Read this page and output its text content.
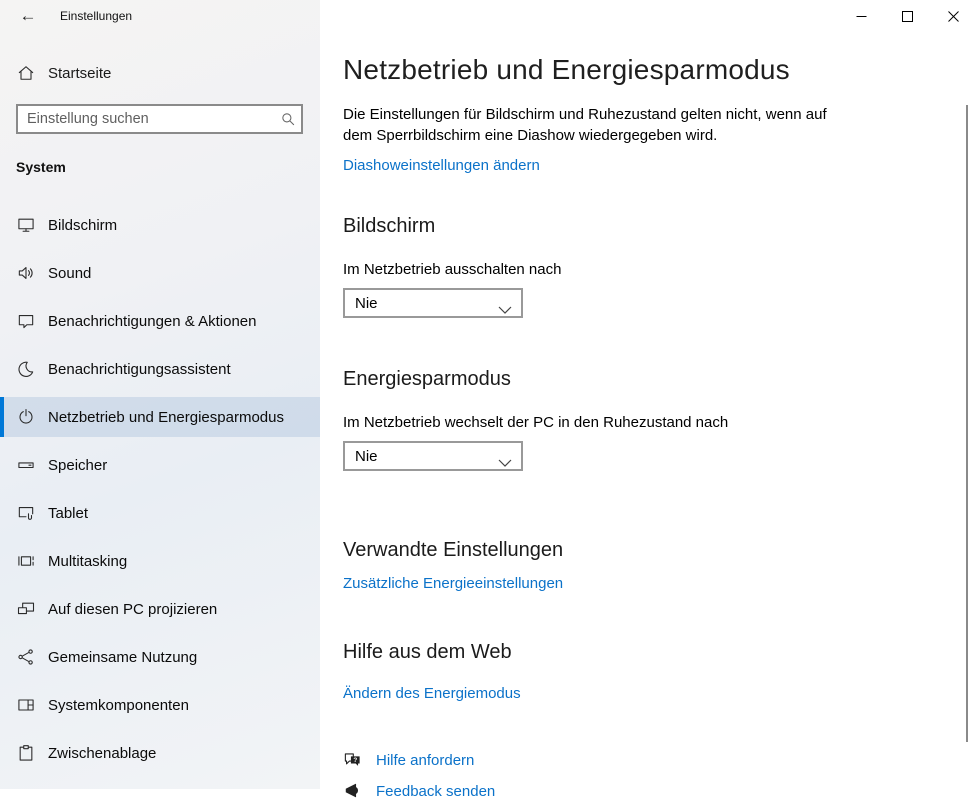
← Einstellungen
Startseite
Einstellung suchen
System
Bildschirm
Sound
Benachrichtigungen & Aktionen
Benachrichtigungsassistent
Netzbetrieb und Energiesparmodus
Speicher
Tablet
Multitasking
Auf diesen PC projizieren
Gemeinsame Nutzung
Systemkomponenten
Zwischenablage
Netzbetrieb und Energiesparmodus

Die Einstellungen für Bildschirm und Ruhezustand gelten nicht, wenn auf dem Sperrbildschirm eine Diashow wiedergegeben wird.

Diashoweinstellungen ändern
Bildschirm
Im Netzbetrieb ausschalten nach
Nie
Energiesparmodus
Im Netzbetrieb wechselt der PC in den Ruhezustand nach
Nie
Verwandte Einstellungen
Zusätzliche Energieeinstellungen
Hilfe aus dem Web
Ändern des Energiemodus
? Hilfe anfordern
Feedback senden
